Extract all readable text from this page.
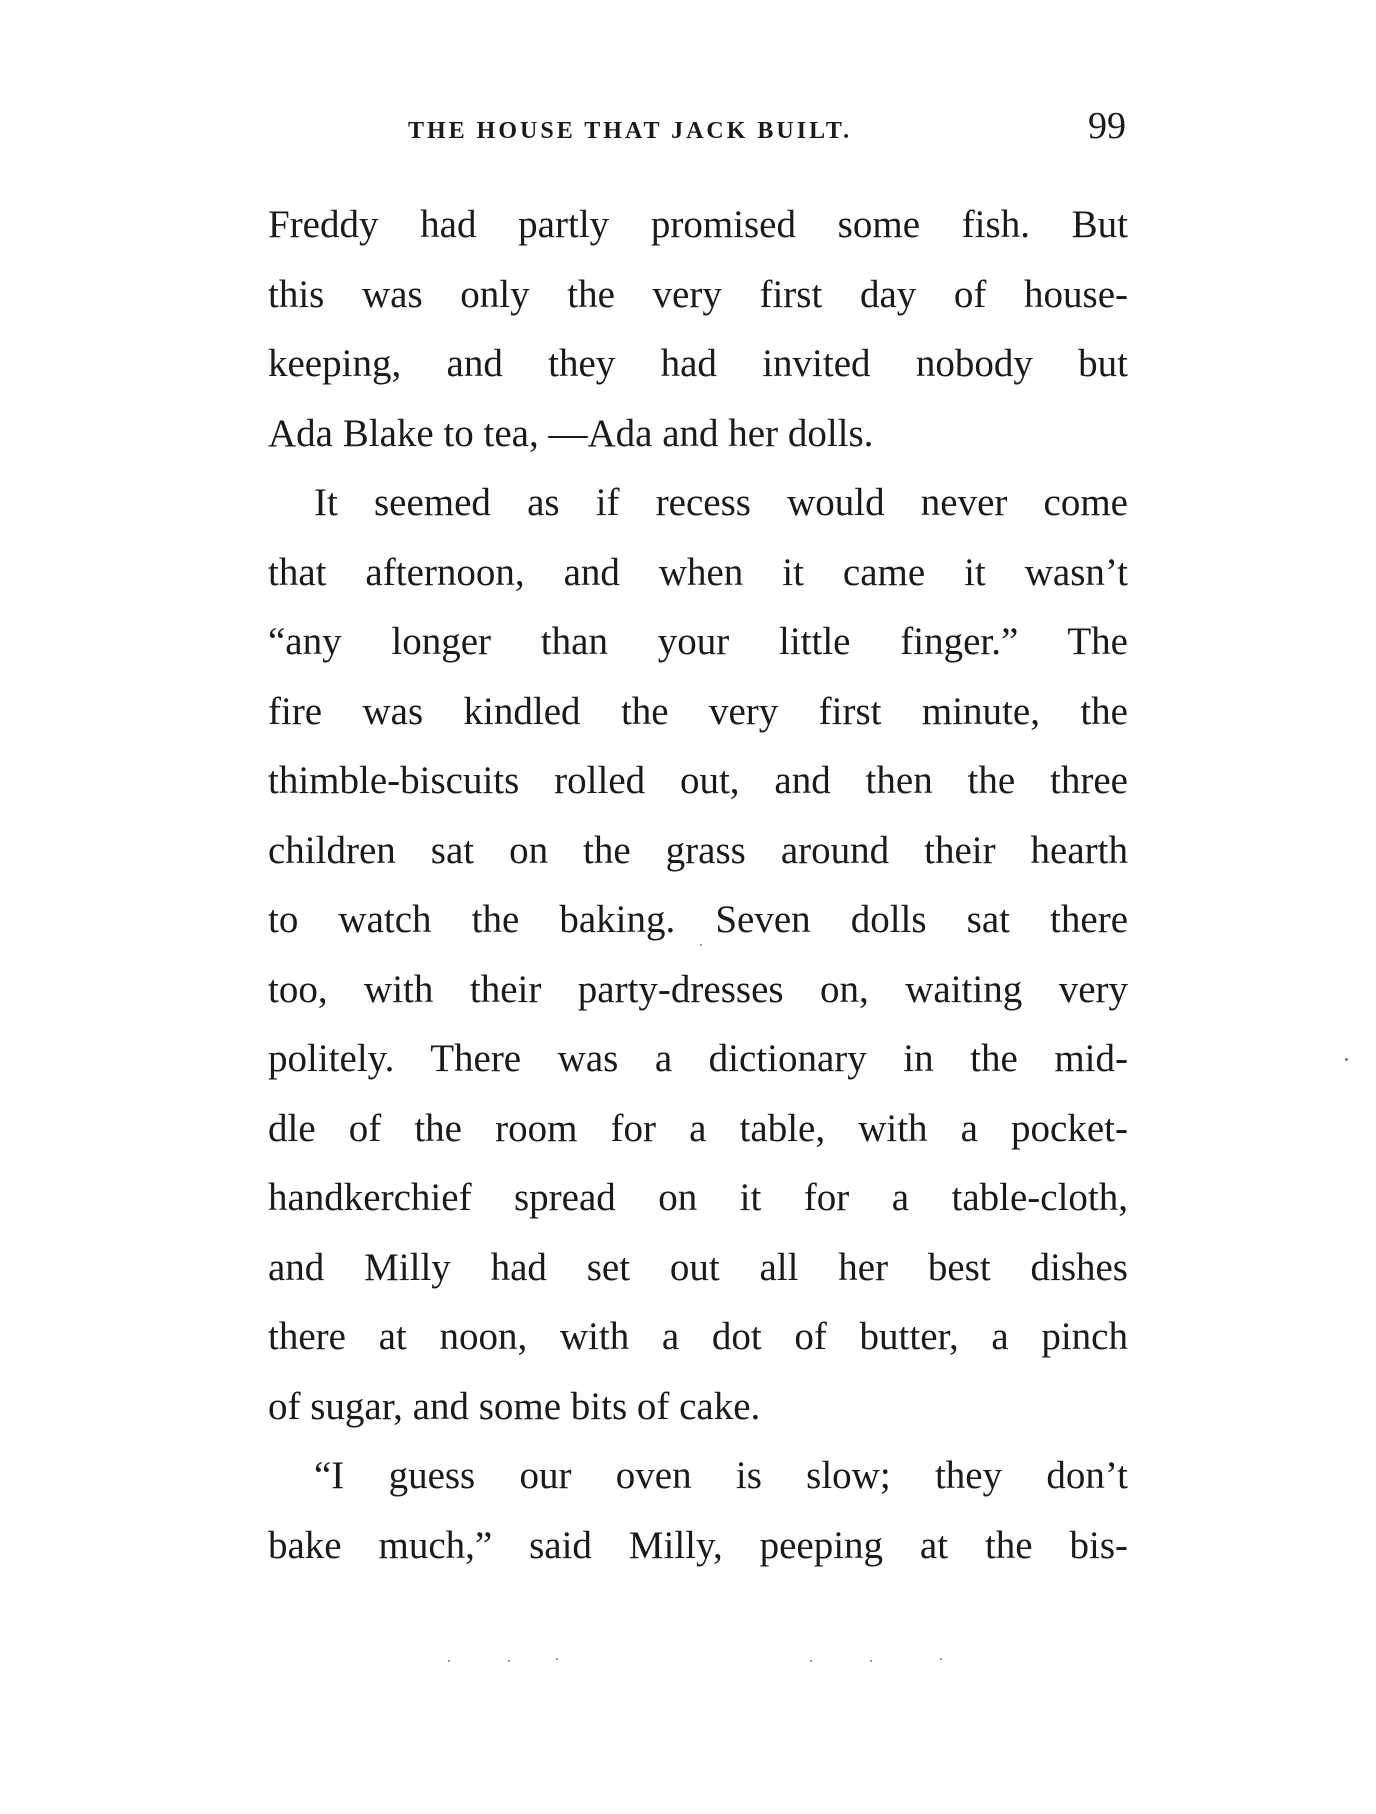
THE HOUSE THAT JACK BUILT.	99
Freddy had partly promised some fish. But
this was only the very first day of house-
keeping, and they had invited nobody but
Ada Blake to tea, —Ada and her dolls.
It seemed as if recess would never come
that afternoon, and when it came it wasn’t
“any longer than your little finger.” The
fire was kindled the very first minute, the
thimble-biscuits rolled out, and then the three
children sat on the grass around their hearth
to watch the baking. Seven dolls sat there
too, with their party-dresses on, waiting very
politely. There was a dictionary in the mid-
dle of the room for a table, with a pocket-
handkerchief spread on it for a table-cloth,
and Milly had set out all her best dishes
there at noon, with a dot of butter, a pinch
of sugar, and some bits of cake.
“I guess our oven is slow; they don’t
bake much,” said Milly, peeping at the bis-
